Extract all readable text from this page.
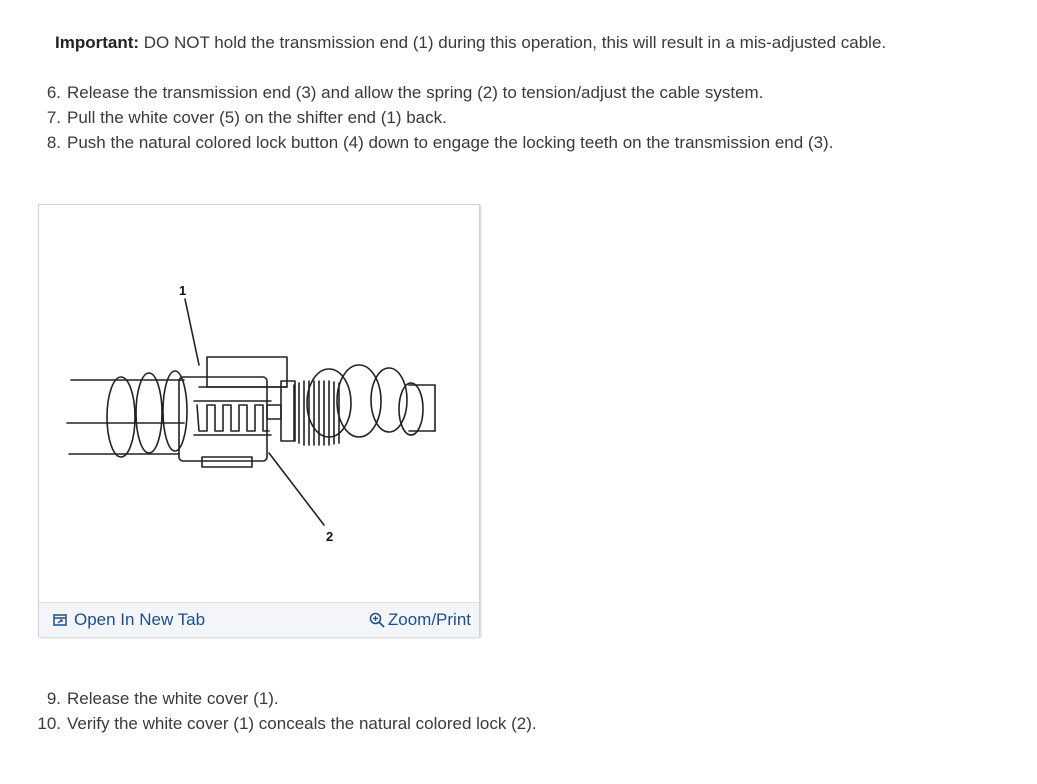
Important: DO NOT hold the transmission end (1) during this operation, this will result in a mis-adjusted cable.
6. Release the transmission end (3) and allow the spring (2) to tension/adjust the cable system.
7. Pull the white cover (5) on the shifter end (1) back.
8. Push the natural colored lock button (4) down to engage the locking teeth on the transmission end (3).
1
2
Open In New Tab	Zoom/Print
9. Release the white cover (1).
10. Verify the white cover (1) conceals the natural colored lock (2).
